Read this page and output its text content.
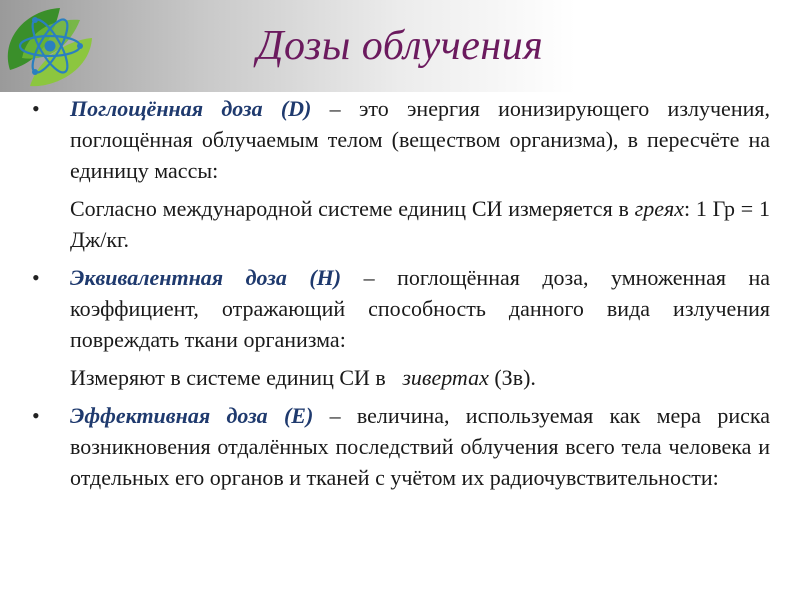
Дозы облучения
•	Поглощённая доза (D) – это энергия ионизирующего излучения, поглощённая облучаемым телом (веществом организма), в пересчёте на единицу массы:

Согласно международной системе единиц СИ измеряется в греях: 1 Гр = 1 Дж/кг.

•	Эквивалентная доза (Н) – поглощённая доза, умноженная на коэффициент, отражающий способность данного вида излучения повреждать ткани организма:

Измеряют в системе единиц СИ в   зивертах (Зв).

•	Эффективная доза (Е) – величина, используемая как мера риска возникновения отдалённых последствий облучения всего тела человека и отдельных его органов и тканей с учётом их радиочувствительности:
